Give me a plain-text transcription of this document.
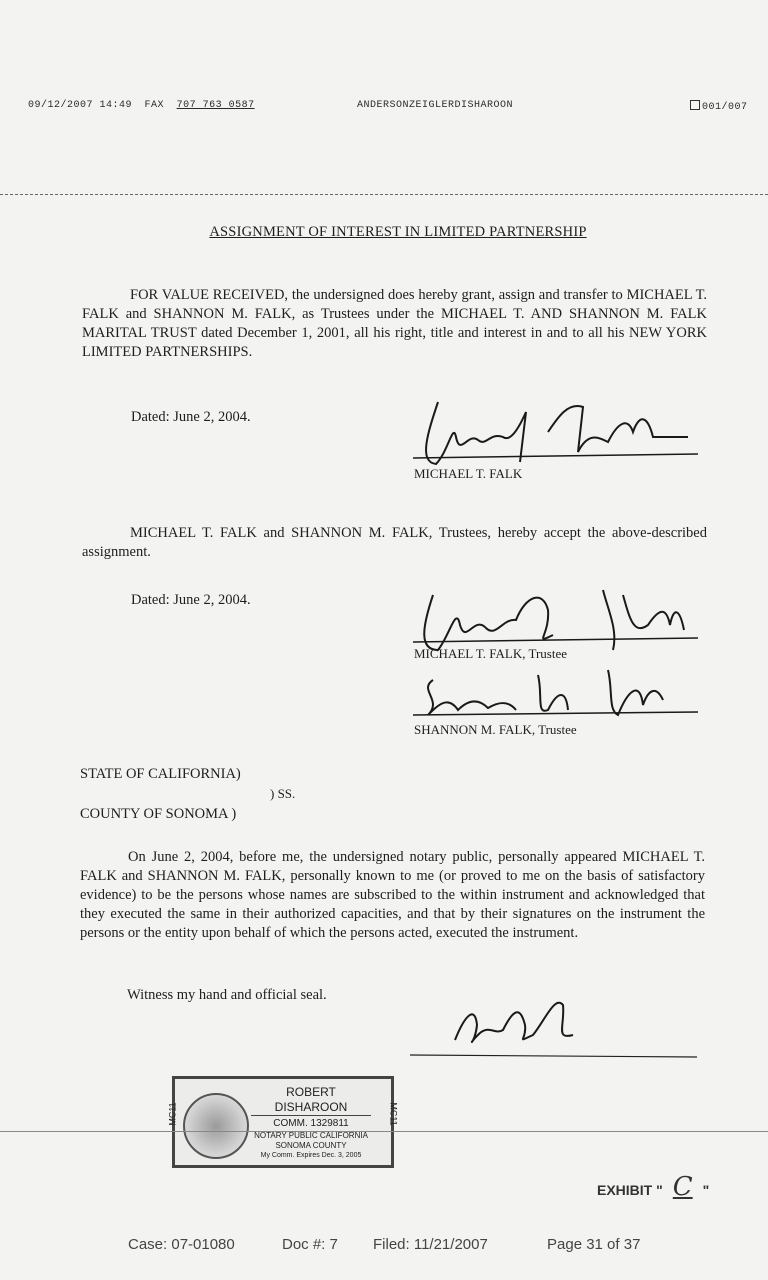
09/12/2007 14:49 FAX 707 763 0587	ANDERSONZEIGLERDISHAROON	001/007
ASSIGNMENT OF INTEREST IN LIMITED PARTNERSHIP
FOR VALUE RECEIVED, the undersigned does hereby grant, assign and transfer to MICHAEL T. FALK and SHANNON M. FALK, as Trustees under the MICHAEL T. AND SHANNON M. FALK MARITAL TRUST dated December 1, 2001, all his right, title and interest in and to all his NEW YORK LIMITED PARTNERSHIPS.
Dated: June 2, 2004.
MICHAEL T. FALK
MICHAEL T. FALK and SHANNON M. FALK, Trustees, hereby accept the above-described assignment.
Dated: June 2, 2004.
MICHAEL T. FALK, Trustee
SHANNON M. FALK, Trustee
STATE OF CALIFORNIA)
) SS.
COUNTY OF SONOMA )
On June 2, 2004, before me, the undersigned notary public, personally appeared MICHAEL T. FALK and SHANNON M. FALK, personally known to me (or proved to me on the basis of satisfactory evidence) to be the persons whose names are subscribed to the within instrument and acknowledged that they executed the same in their authorized capacities, and that by their signatures on the instrument the persons or the entity upon behalf of which the persons acted, executed the instrument.
Witness my hand and official seal.
ROBERT DISHAROON
COMM. 1329811
NOTARY PUBLIC CALIFORNIA
SONOMA COUNTY
My Comm. Expires Dec. 3, 2005
MC11	MC11
EXHIBIT " C "
Case: 07-01080	Doc #: 7 Filed: 11/21/2007	Page 31 of 37
